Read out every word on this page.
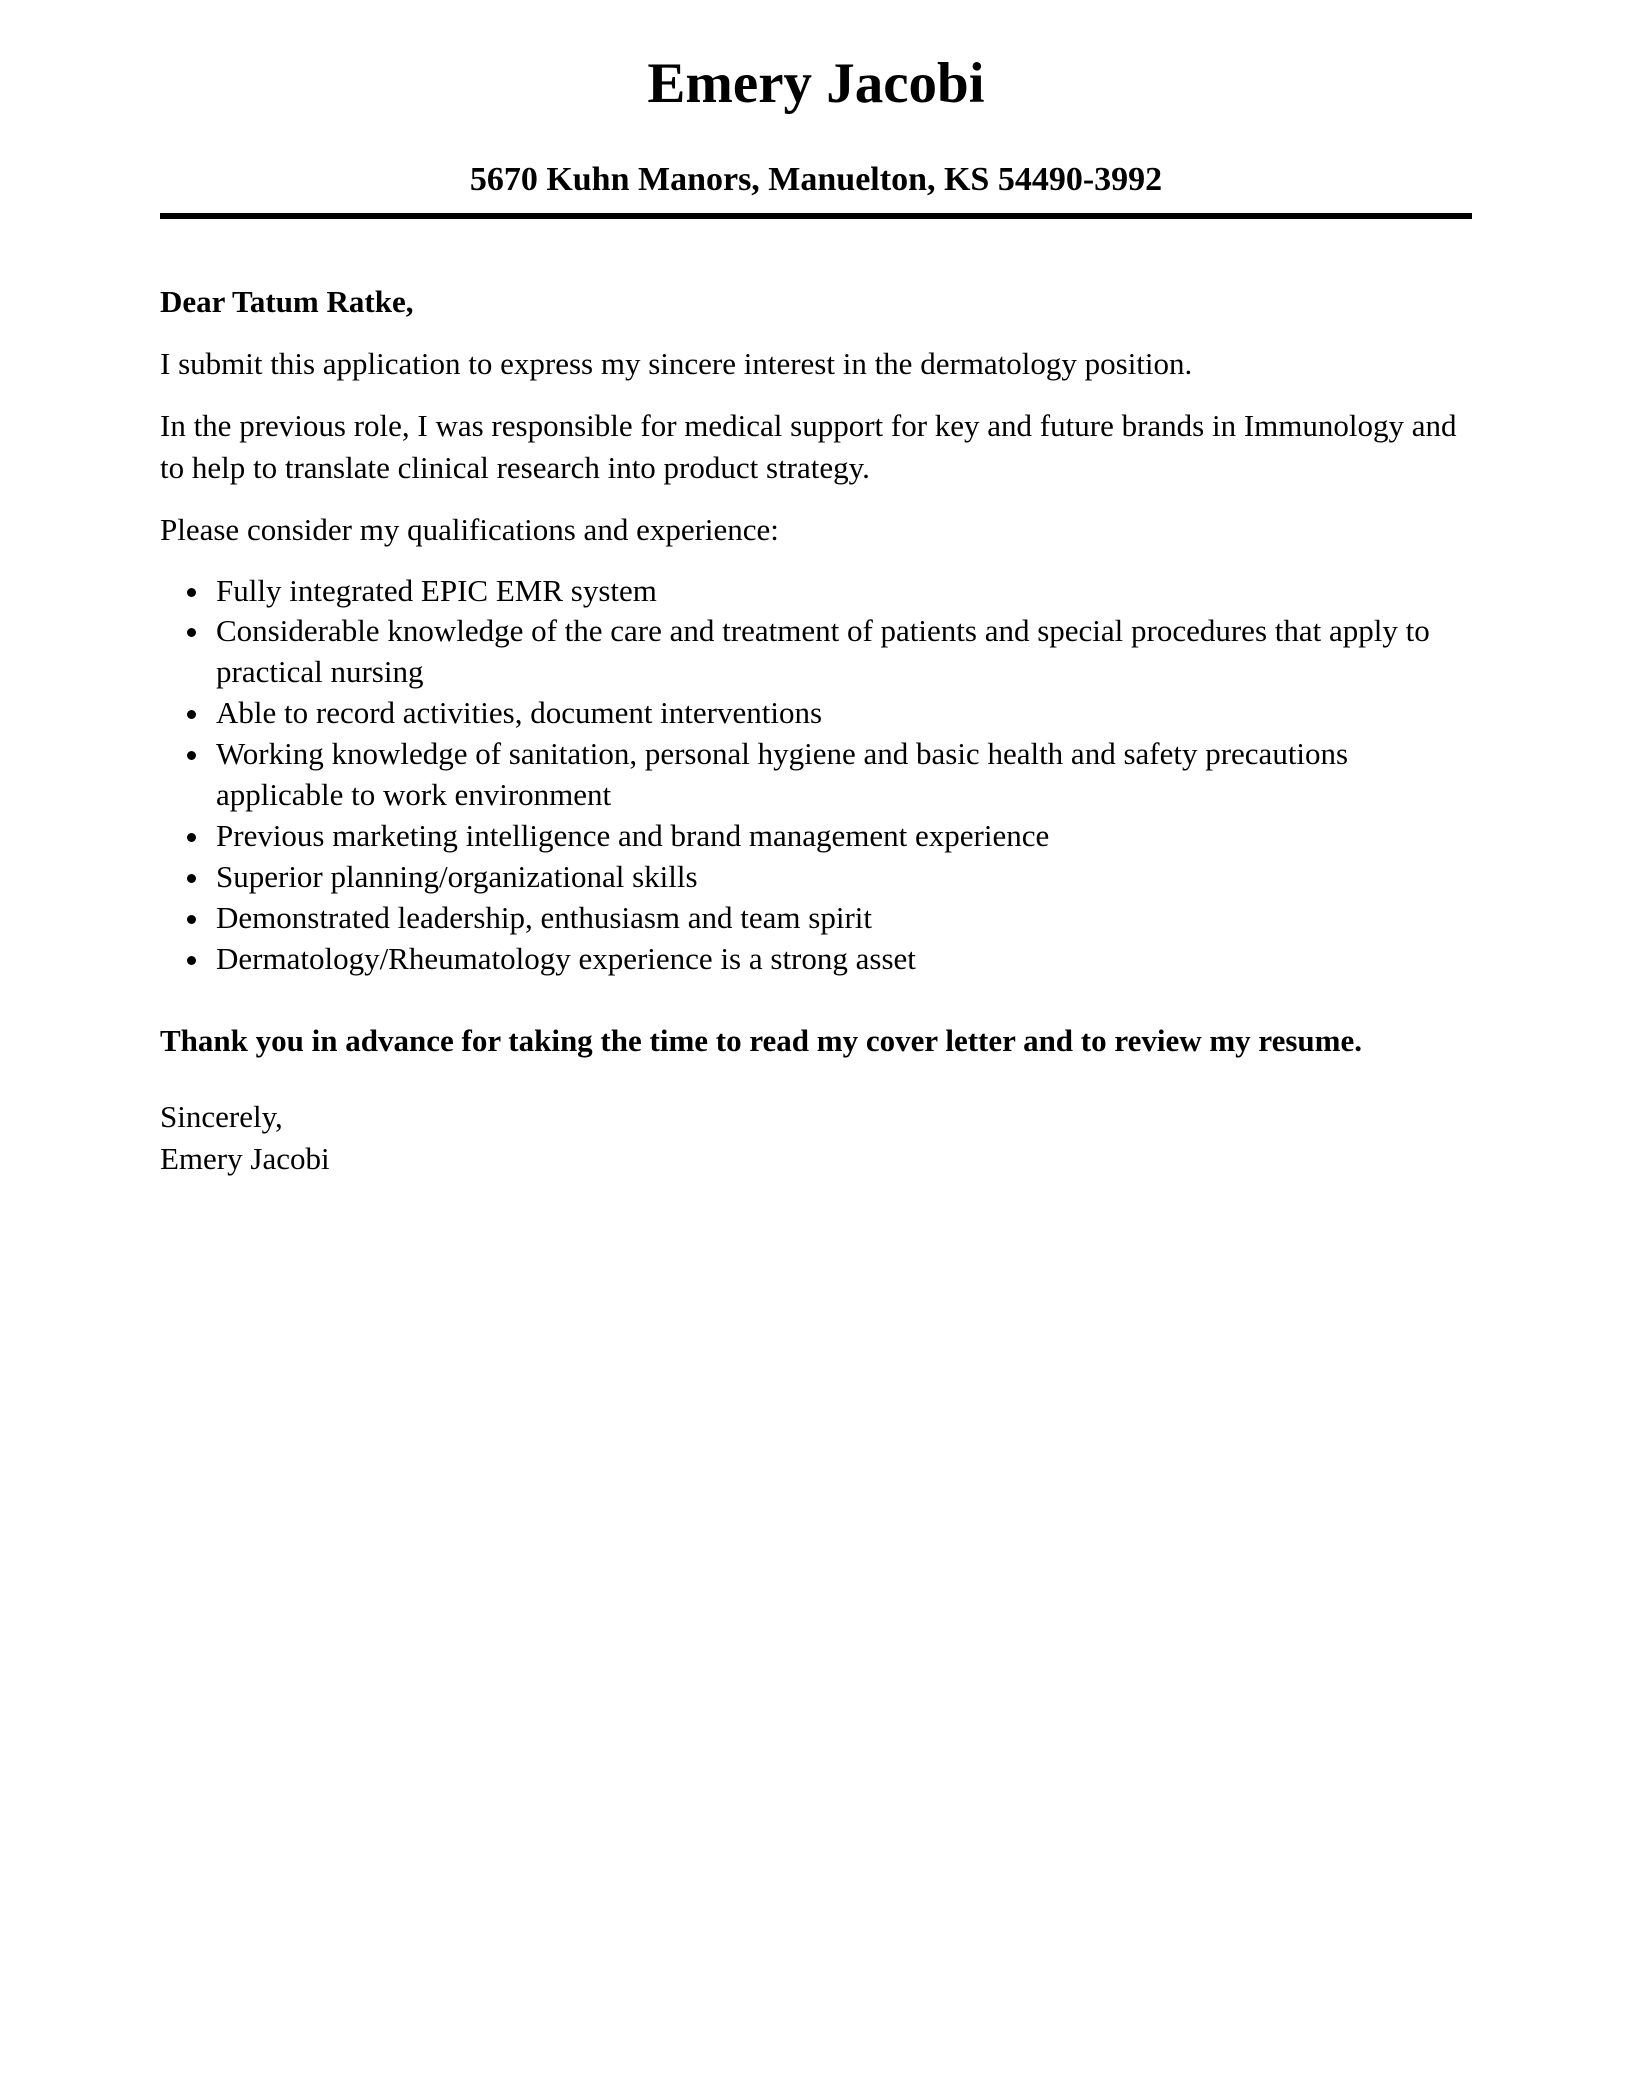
Emery Jacobi
5670 Kuhn Manors, Manuelton, KS 54490-3992

Dear Tatum Ratke,

I submit this application to express my sincere interest in the dermatology position.

In the previous role, I was responsible for medical support for key and future brands in Immunology and to help to translate clinical research into product strategy.

Please consider my qualifications and experience:

• Fully integrated EPIC EMR system
• Considerable knowledge of the care and treatment of patients and special procedures that apply to practical nursing
• Able to record activities, document interventions
• Working knowledge of sanitation, personal hygiene and basic health and safety precautions applicable to work environment
• Previous marketing intelligence and brand management experience
• Superior planning/organizational skills
• Demonstrated leadership, enthusiasm and team spirit
• Dermatology/Rheumatology experience is a strong asset

Thank you in advance for taking the time to read my cover letter and to review my resume.

Sincerely,

Emery Jacobi
